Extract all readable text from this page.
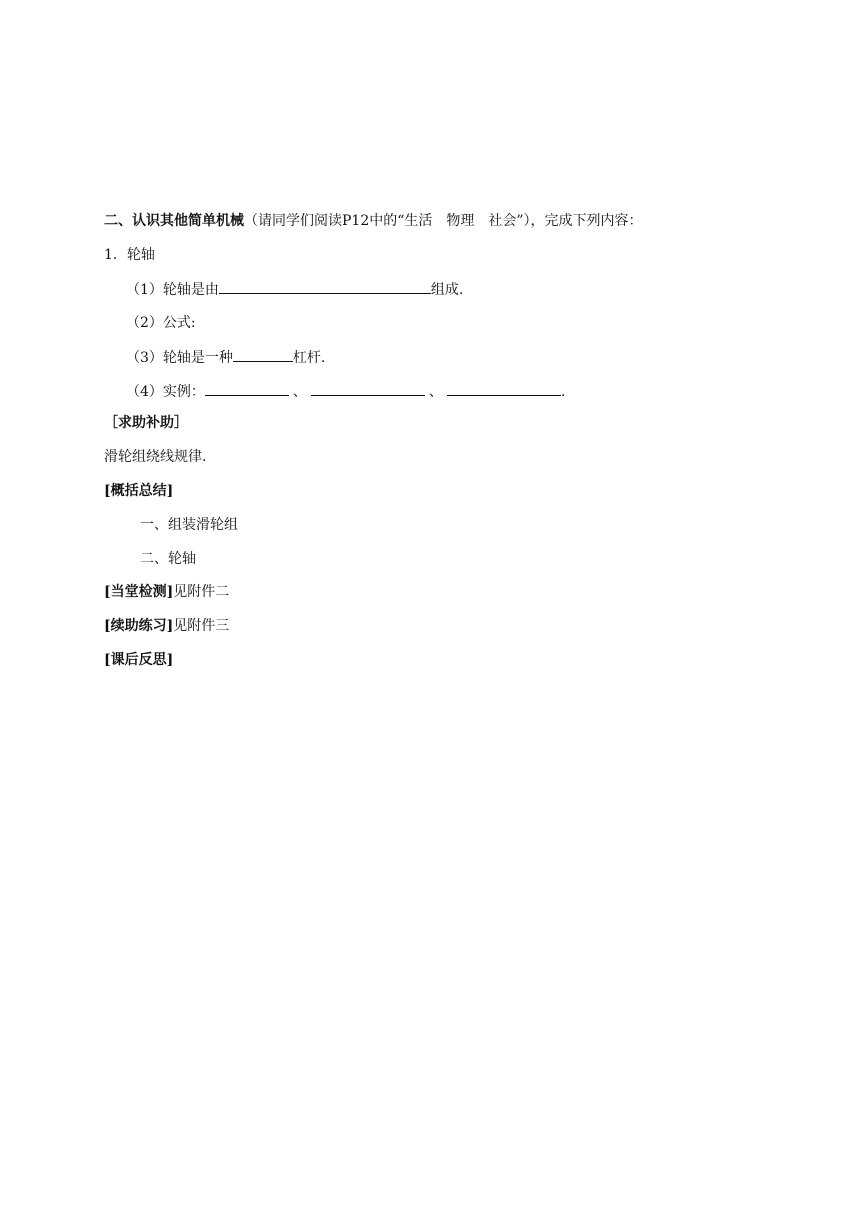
二、认识其他简单机械（请同学们阅读P12中的“生活　物理　社会”），完成下列内容：
1．轮轴
（1）轮轴是由	组成.
（2）公式:
（3）轮轴是一种	杠杆.
（4）实例：	、	、	.
［求助补助］
滑轮组绕线规律.
[概括总结]
一、组装滑轮组
二、轮轴
[当堂检测]见附件二
[续助练习]见附件三
[课后反思]
